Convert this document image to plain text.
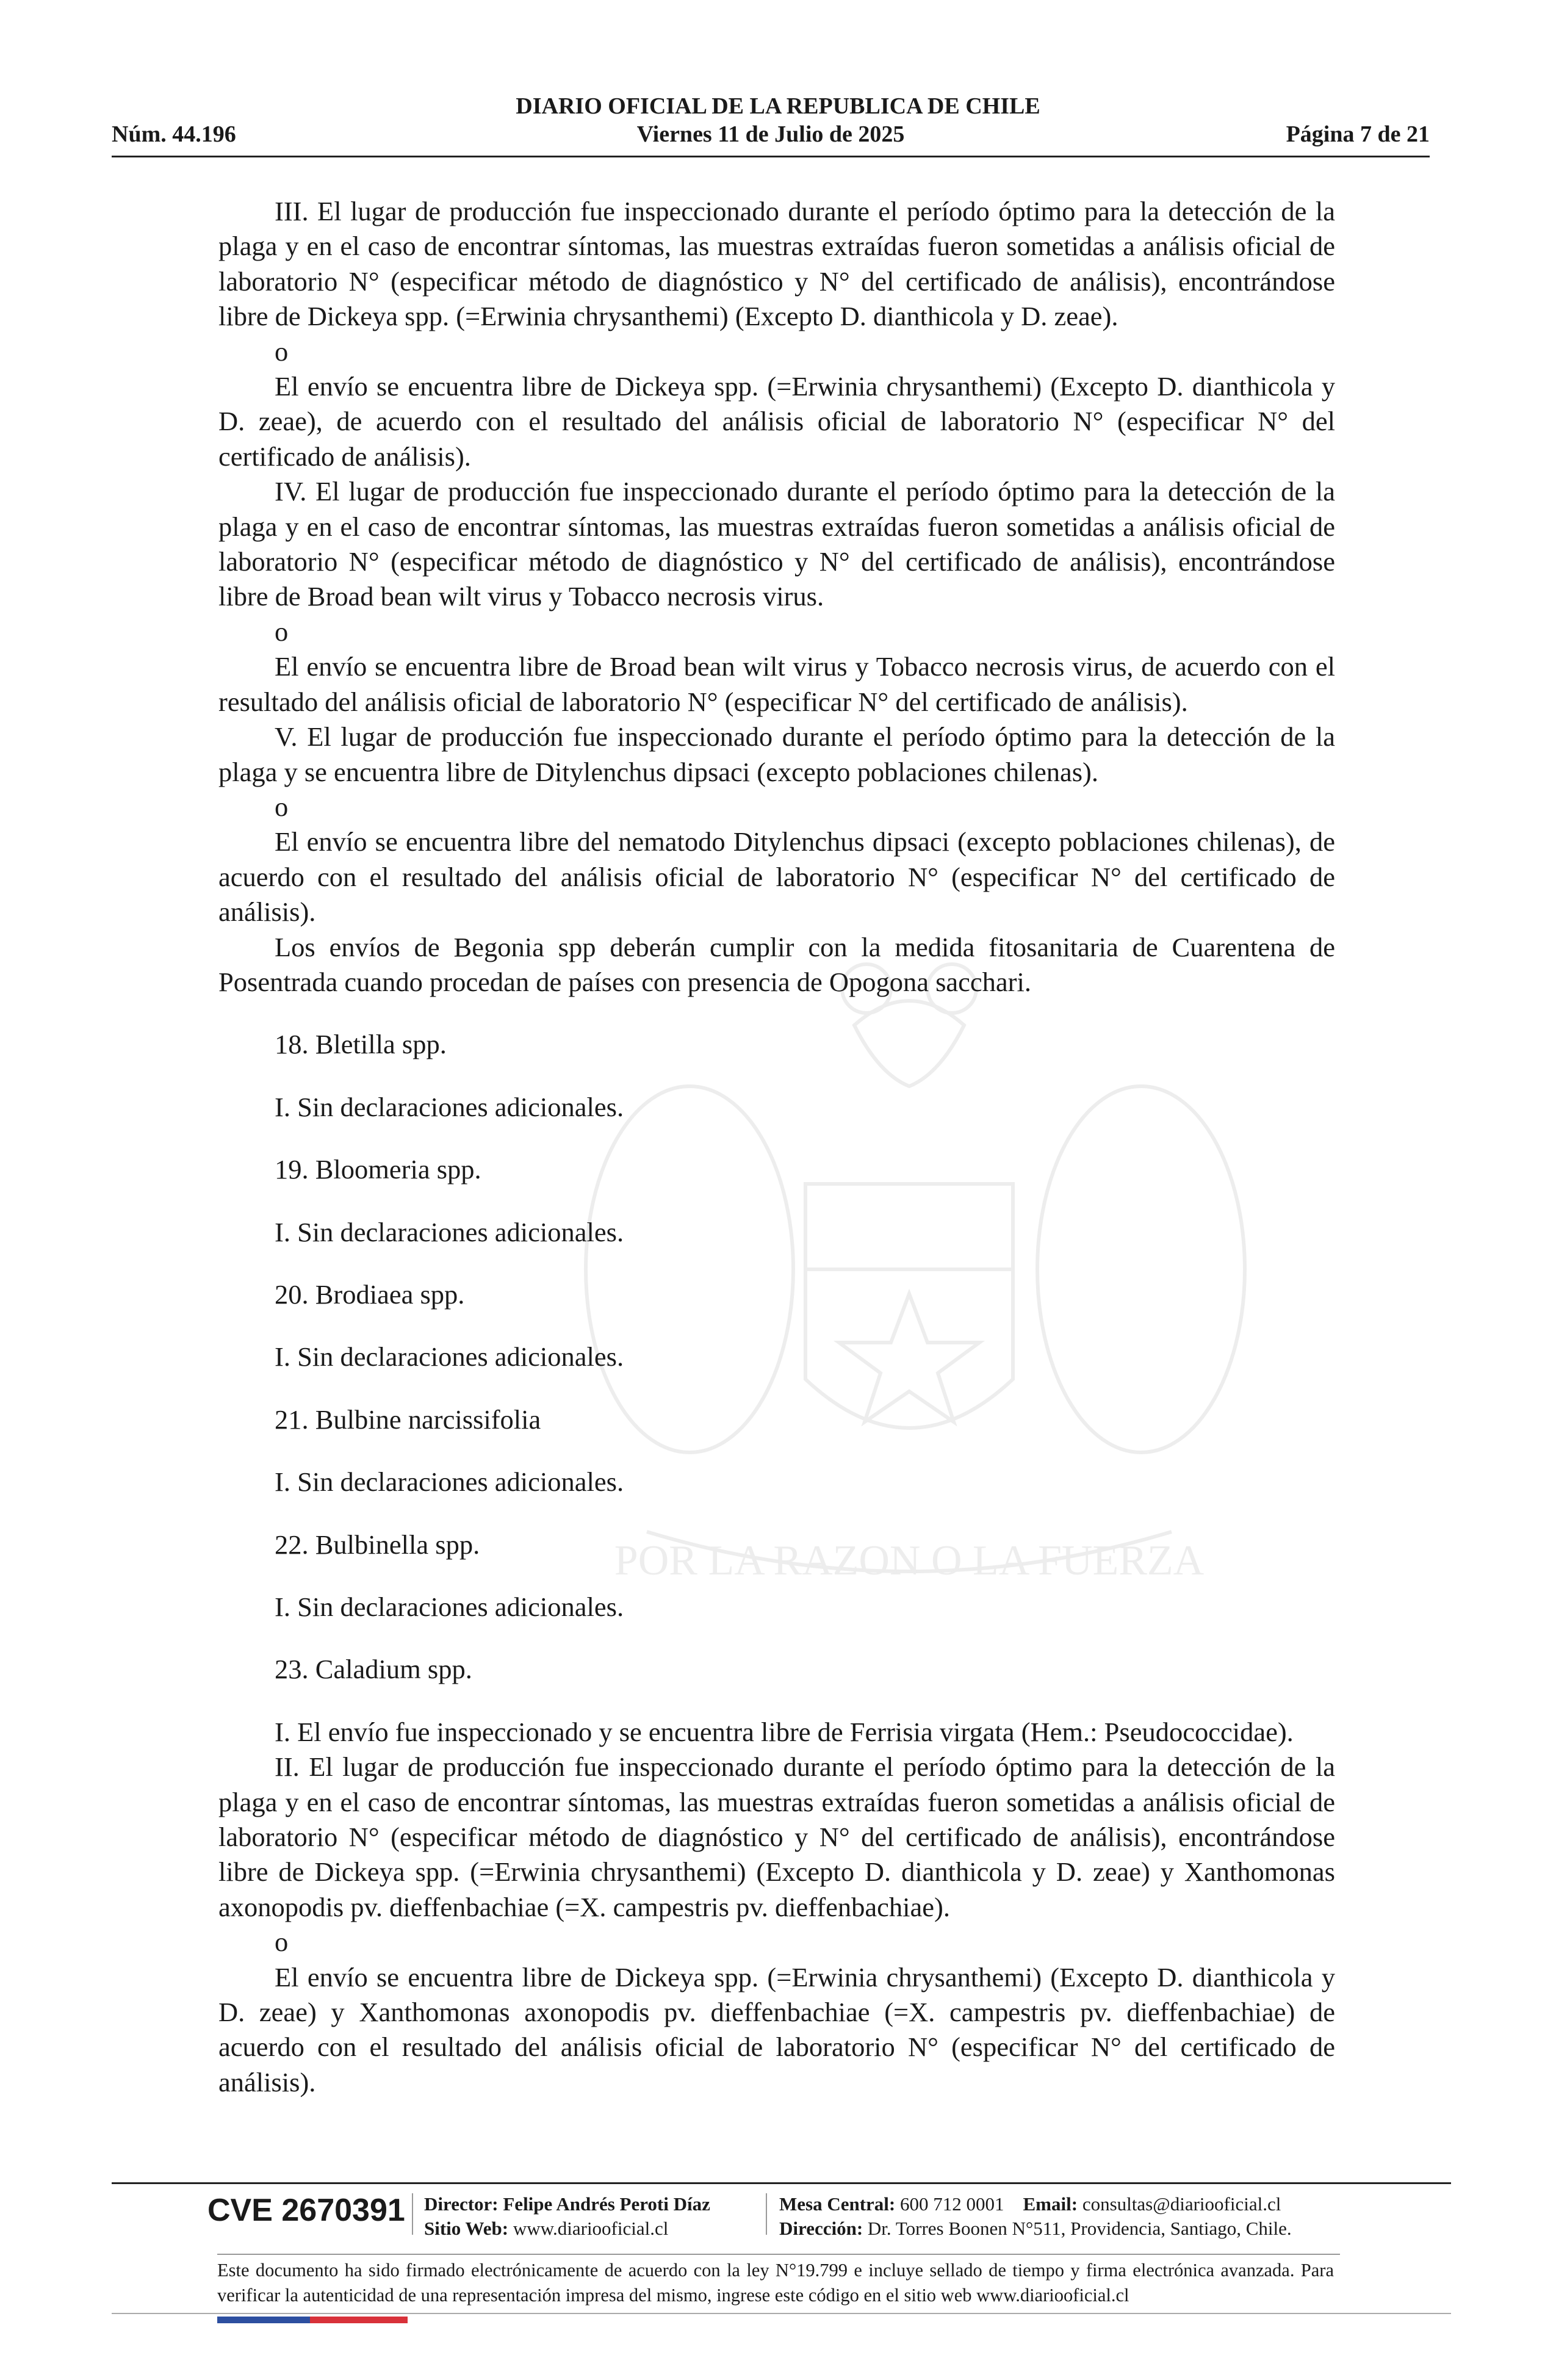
POR LA RAZON O LA FUERZA
DIARIO OFICIAL DE LA REPUBLICA DE CHILE
Núm. 44.196	Viernes 11 de Julio de 2025	Página 7 de 21

III. El lugar de producción fue inspeccionado durante el período óptimo para la detección de la plaga y en el caso de encontrar síntomas, las muestras extraídas fueron sometidas a análisis oficial de laboratorio N° (especificar método de diagnóstico y N° del certificado de análisis), encontrándose libre de Dickeya spp. (=Erwinia chrysanthemi) (Excepto D. dianthicola y D. zeae).

o

El envío se encuentra libre de Dickeya spp. (=Erwinia chrysanthemi) (Excepto D. dianthicola y D. zeae), de acuerdo con el resultado del análisis oficial de laboratorio N° (especificar N° del certificado de análisis).

IV. El lugar de producción fue inspeccionado durante el período óptimo para la detección de la plaga y en el caso de encontrar síntomas, las muestras extraídas fueron sometidas a análisis oficial de laboratorio N° (especificar método de diagnóstico y N° del certificado de análisis), encontrándose libre de Broad bean wilt virus y Tobacco necrosis virus.

o

El envío se encuentra libre de Broad bean wilt virus y Tobacco necrosis virus, de acuerdo con el resultado del análisis oficial de laboratorio N° (especificar N° del certificado de análisis).

V. El lugar de producción fue inspeccionado durante el período óptimo para la detección de la plaga y se encuentra libre de Ditylenchus dipsaci (excepto poblaciones chilenas).

o

El envío se encuentra libre del nematodo Ditylenchus dipsaci (excepto poblaciones chilenas), de acuerdo con el resultado del análisis oficial de laboratorio N° (especificar N° del certificado de análisis).

Los envíos de Begonia spp deberán cumplir con la medida fitosanitaria de Cuarentena de Posentrada cuando procedan de países con presencia de Opogona sacchari.

18. Bletilla spp.

I. Sin declaraciones adicionales.

19. Bloomeria spp.

I. Sin declaraciones adicionales.

20. Brodiaea spp.

I. Sin declaraciones adicionales.

21. Bulbine narcissifolia

I. Sin declaraciones adicionales.

22. Bulbinella spp.

I. Sin declaraciones adicionales.

23. Caladium spp.

I. El envío fue inspeccionado y se encuentra libre de Ferrisia virgata (Hem.: Pseudococcidae).

II. El lugar de producción fue inspeccionado durante el período óptimo para la detección de la plaga y en el caso de encontrar síntomas, las muestras extraídas fueron sometidas a análisis oficial de laboratorio N° (especificar método de diagnóstico y N° del certificado de análisis), encontrándose libre de Dickeya spp. (=Erwinia chrysanthemi) (Excepto D. dianthicola y D. zeae) y Xanthomonas axonopodis pv. dieffenbachiae (=X. campestris pv. dieffenbachiae).

o

El envío se encuentra libre de Dickeya spp. (=Erwinia chrysanthemi) (Excepto D. dianthicola y D. zeae) y Xanthomonas axonopodis pv. dieffenbachiae (=X. campestris pv. dieffenbachiae) de acuerdo con el resultado del análisis oficial de laboratorio N° (especificar N° del certificado de análisis).

CVE 2670391 Director: Felipe Andrés Peroti Díaz
Sitio Web: www.diariooficial.cl
Mesa Central: 600 712 0001 Email: consultas@diariooficial.cl
Dirección: Dr. Torres Boonen N°511, Providencia, Santiago, Chile.
Este documento ha sido firmado electrónicamente de acuerdo con la ley N°19.799 e incluye sellado de tiempo y firma electrónica avanzada. Para verificar la autenticidad de una representación impresa del mismo, ingrese este código en el sitio web www.diariooficial.cl
